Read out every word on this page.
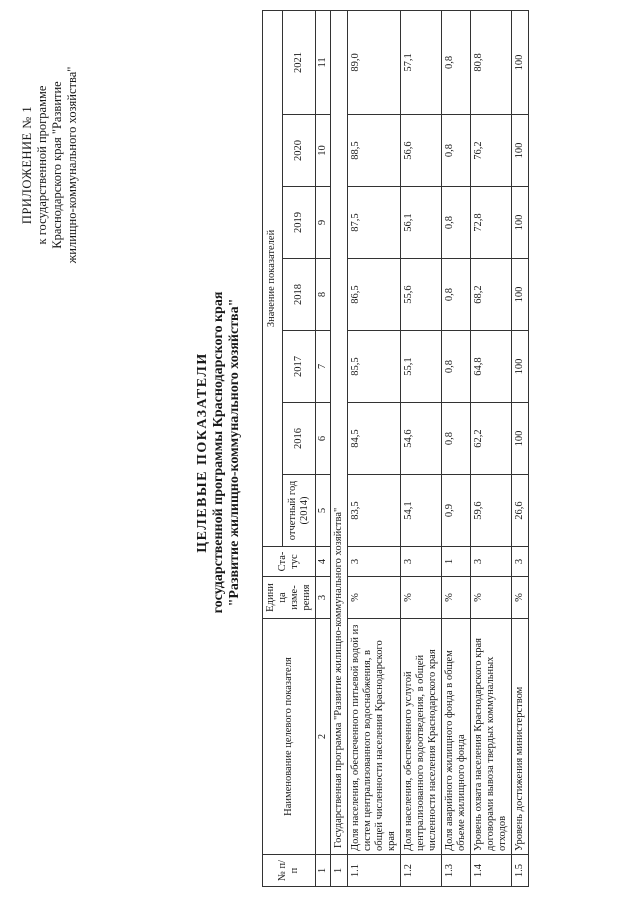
ПРИЛОЖЕНИЕ № 1 к государственной программе Краснодарского края "Развитие жилищно-коммунального хозяйства"
ЦЕЛЕВЫЕ ПОКАЗАТЕЛИ государственной программы Краснодарского края "Развитие жилищно-коммунального хозяйства"
№ п/п	Наименование целевого показателя	Едини ца изме- рения	Ста- тус	Значение показателей						
				отчетный год (2014)	2016	2017	2018	2019	2020	2021
1	2	3	4	5	6	7	8	9	10	11
1	Государственная программа "Развитие жилищно-коммунального хозяйства"									
1.1	Доля населения, обеспеченного питьевой водой из систем централизованного водоснабжения, в общей численности населения Краснодарского края	%	3	83,5	84,5	85,5	86,5	87,5	88,5	89,0
1.2	Доля населения, обеспеченного услугой централизованного водоотведения, в общей численности населения Краснодарского края	%	3	54,1	54,6	55,1	55,6	56,1	56,6	57,1
1.3	Доля аварийного жилищного фонда в общем объеме жилищного фонда	%	1	0,9	0,8	0,8	0,8	0,8	0,8	0,8
1.4	Уровень охвата населения Краснодарского края договорами вывоза твердых коммунальных отходов	%	3	59,6	62,2	64,8	68,2	72,8	76,2	80,8
1.5	Уровень достижения министерством	%	3	26,6	100	100	100	100	100	100
